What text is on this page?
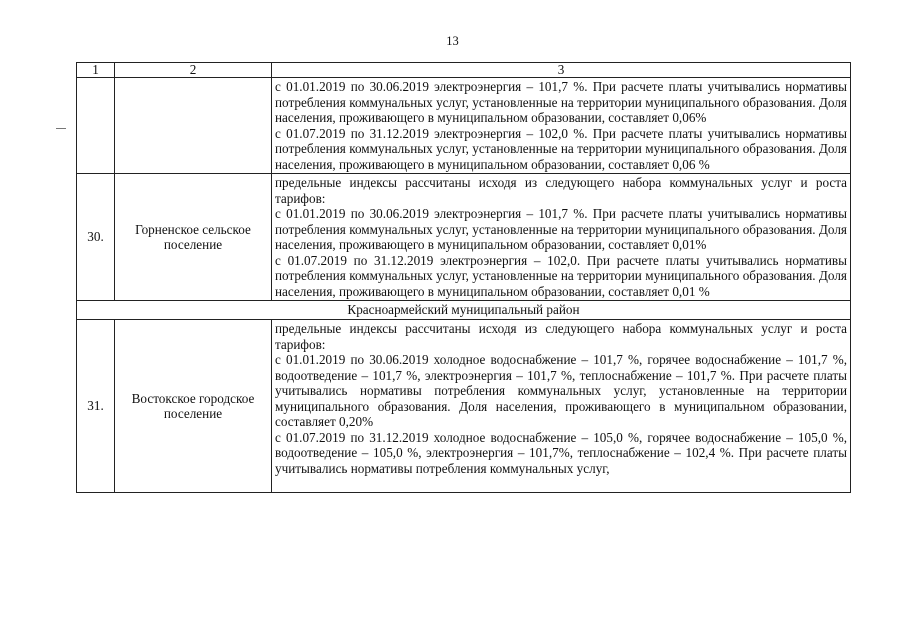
13
1	2	3

		с 01.01.2019 по 30.06.2019 электроэнергия – 101,7 %. При расчете платы учитывались нормативы потребления коммунальных услуг, установленные на территории муниципального образования. Доля населения, проживающего в муниципальном образовании, составляет 0,06%

с 01.07.2019 по 31.12.2019 электроэнергия – 102,0 %. При расчете платы учитывались нормативы потребления коммунальных услуг, установленные на территории муниципального образования. Доля населения, проживающего в муниципальном образовании, составляет 0,06 %

30.	Горненское сельское поселение	предельные индексы рассчитаны исходя из следующего набора коммунальных услуг и роста тарифов:

с 01.01.2019 по 30.06.2019 электроэнергия – 101,7 %. При расчете платы учитывались нормативы потребления коммунальных услуг, установленные на территории муниципального образования. Доля населения, проживающего в муниципальном образовании, составляет 0,01%

с 01.07.2019 по 31.12.2019 электроэнергия – 102,0. При расчете платы учитывались нормативы потребления коммунальных услуг, установленные на территории муниципального образования. Доля населения, проживающего в муниципальном образовании, составляет 0,01 %

Красноармейский муниципальный район		
31.	Востокское городское поселение	предельные индексы рассчитаны исходя из следующего набора коммунальных услуг и роста тарифов:

с 01.01.2019 по 30.06.2019 холодное водоснабжение – 101,7 %, горячее водоснабжение – 101,7 %, водоотведение – 101,7 %, электроэнергия – 101,7 %, теплоснабжение – 101,7 %. При расчете платы учитывались нормативы потребления коммунальных услуг, установленные на территории муниципального образования. Доля населения, проживающего в муниципальном образовании, составляет 0,20%

с 01.07.2019 по 31.12.2019 холодное водоснабжение – 105,0 %, горячее водоснабжение – 105,0 %, водоотведение – 105,0 %, электроэнергия – 101,7%, теплоснабжение – 102,4 %. При расчете платы учитывались нормативы потребления коммунальных услуг,
